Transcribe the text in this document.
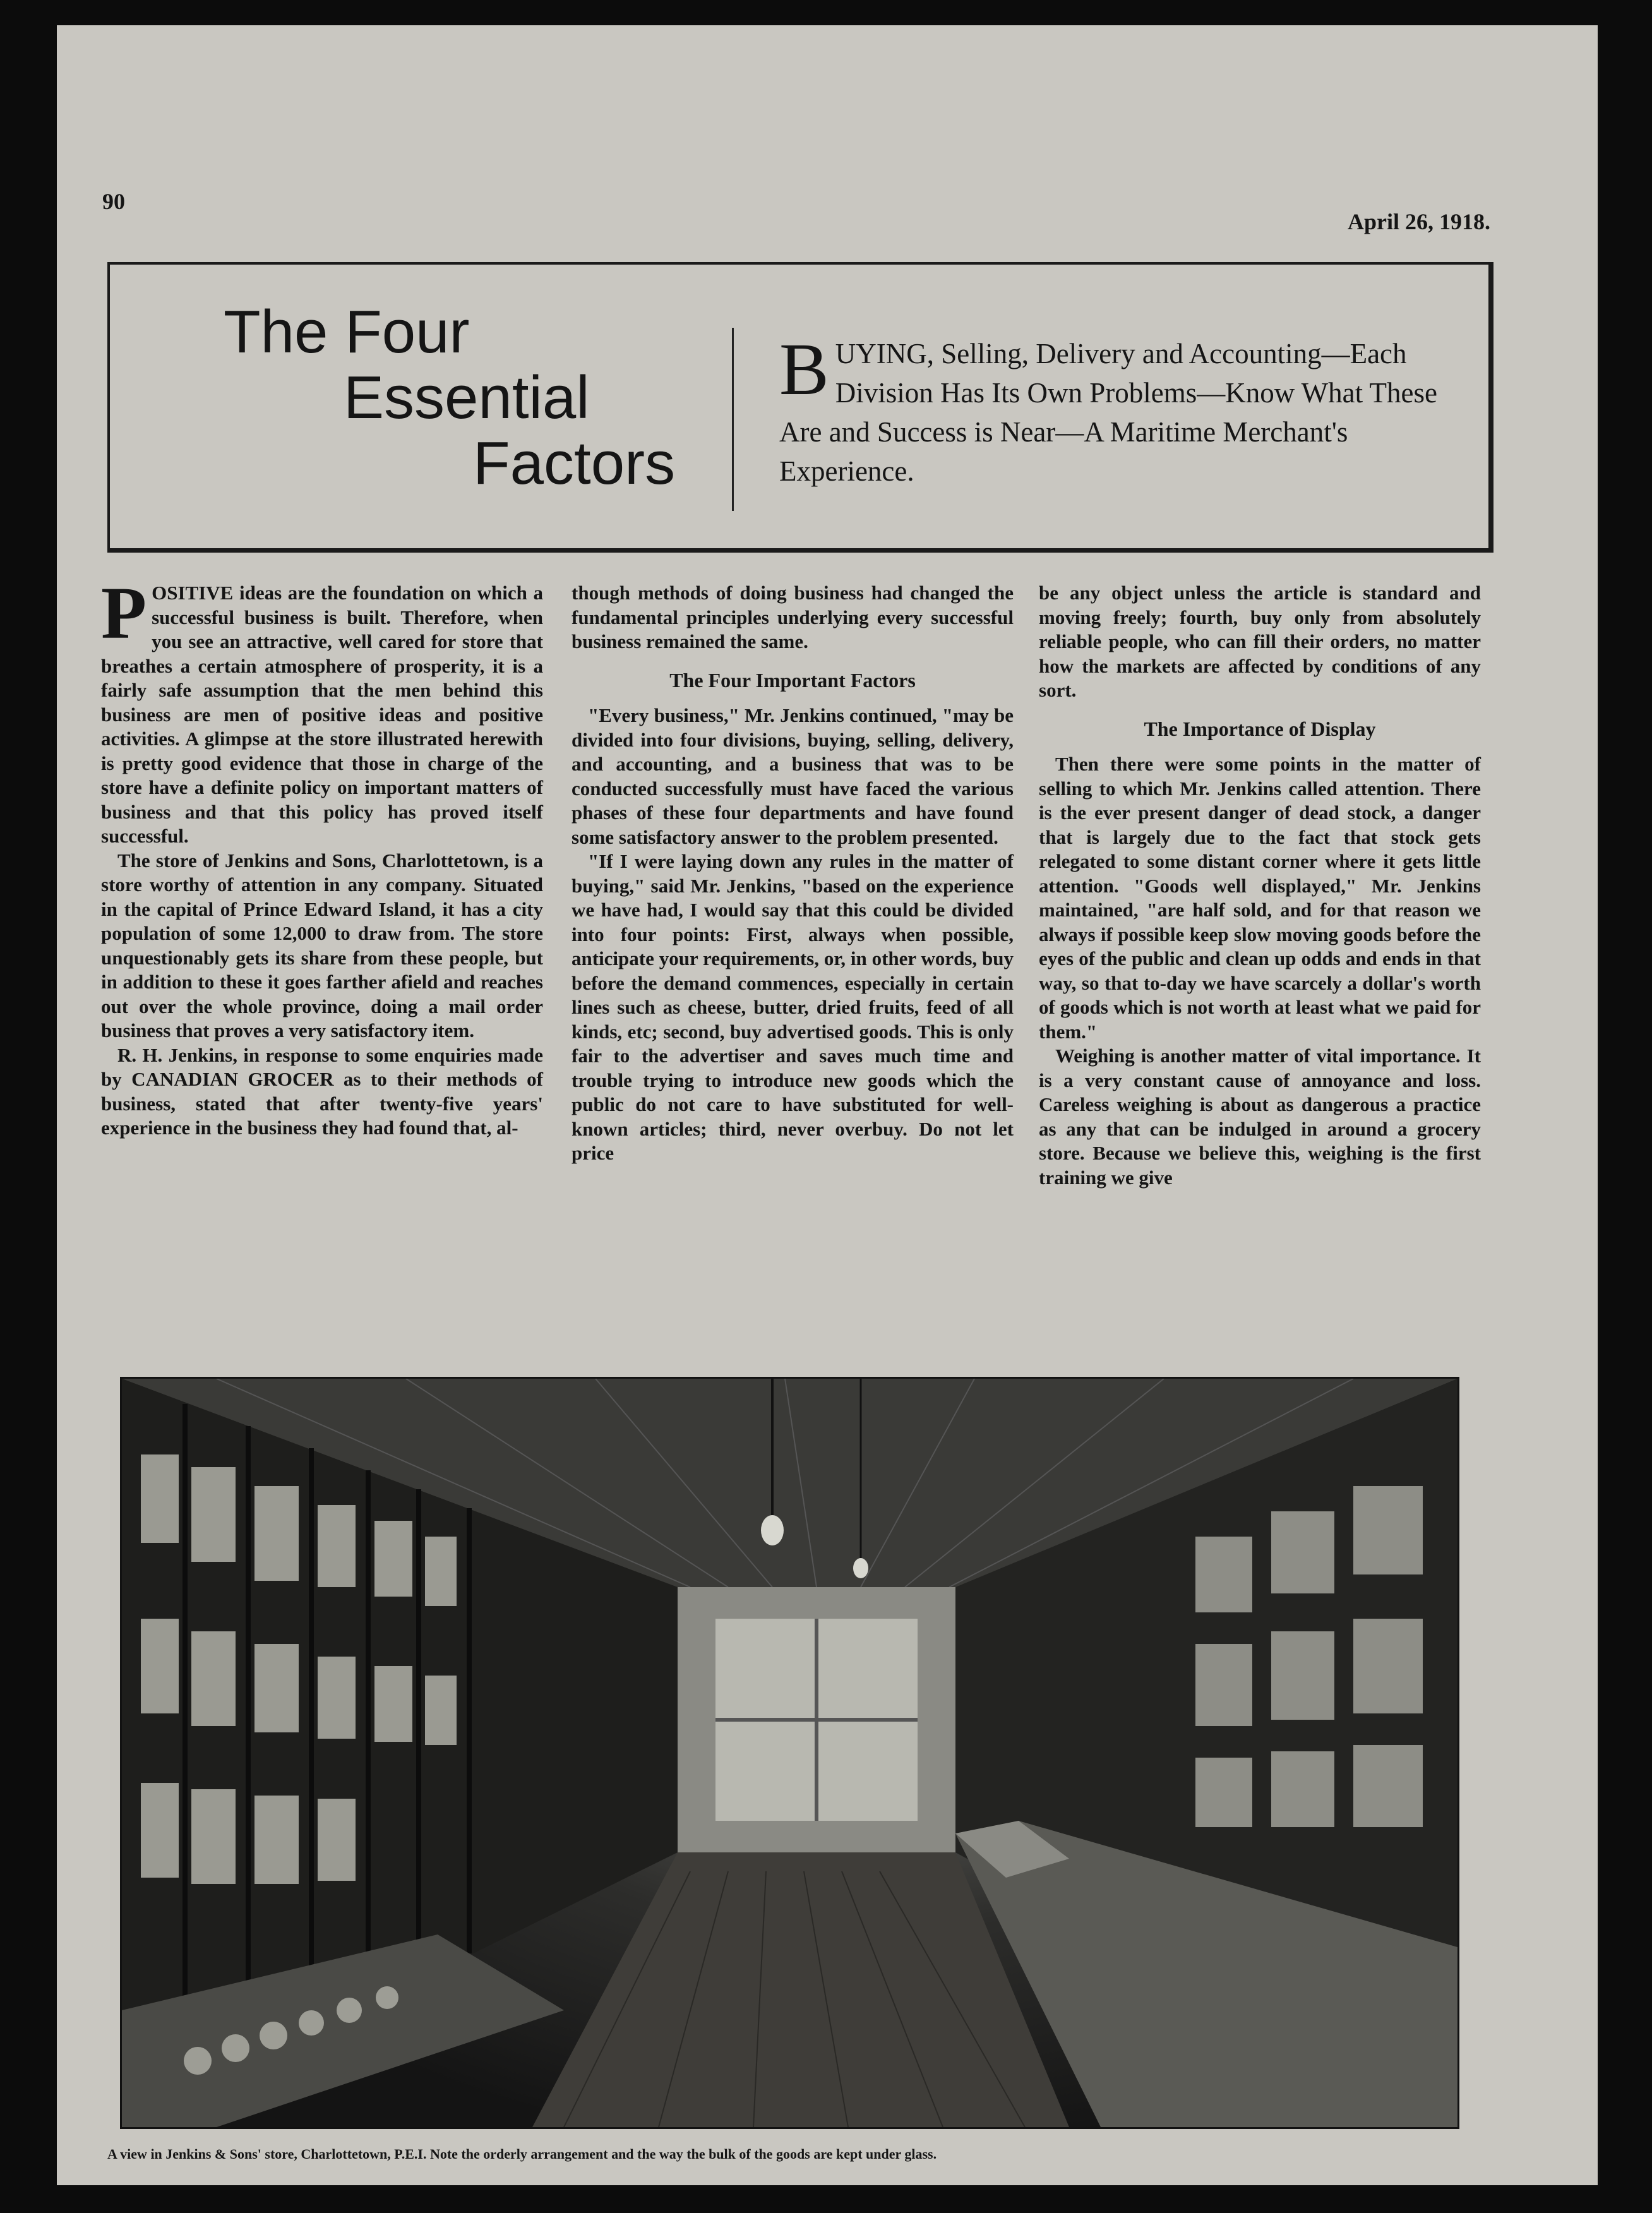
90
April 26, 1918.
The Four
Essential
Factors
BUYING, Selling, Delivery and Accounting—Each Division Has Its Own Problems—Know What These Are and Success is Near—A Maritime Merchant's Experience.

POSITIVE ideas are the foundation on which a successful business is built. Therefore, when you see an attractive, well cared for store that breathes a certain atmosphere of prosperity, it is a fairly safe assumption that the men behind this business are men of positive ideas and positive activities. A glimpse at the store illustrated herewith is pretty good evidence that those in charge of the store have a definite policy on important matters of business and that this policy has proved itself successful.

The store of Jenkins and Sons, Charlottetown, is a store worthy of attention in any company. Situated in the capital of Prince Edward Island, it has a city population of some 12,000 to draw from. The store unquestionably gets its share from these people, but in addition to these it goes farther afield and reaches out over the whole province, doing a mail order business that proves a very satisfactory item.

R. H. Jenkins, in response to some enquiries made by CANADIAN GROCER as to their methods of business, stated that after twenty-five years' experience in the business they had found that, al-

though methods of doing business had changed the fundamental principles underlying every successful business remained the same.

The Four Important Factors

"Every business," Mr. Jenkins continued, "may be divided into four divisions, buying, selling, delivery, and accounting, and a business that was to be conducted successfully must have faced the various phases of these four departments and have found some satisfactory answer to the problem presented.

"If I were laying down any rules in the matter of buying," said Mr. Jenkins, "based on the experience we have had, I would say that this could be divided into four points: First, always when possible, anticipate your requirements, or, in other words, buy before the demand commences, especially in certain lines such as cheese, butter, dried fruits, feed of all kinds, etc; second, buy advertised goods. This is only fair to the advertiser and saves much time and trouble trying to introduce new goods which the public do not care to have substituted for well-known articles; third, never overbuy. Do not let price

be any object unless the article is standard and moving freely; fourth, buy only from absolutely reliable people, who can fill their orders, no matter how the markets are affected by conditions of any sort.

The Importance of Display

Then there were some points in the matter of selling to which Mr. Jenkins called attention. There is the ever present danger of dead stock, a danger that is largely due to the fact that stock gets relegated to some distant corner where it gets little attention. "Goods well displayed," Mr. Jenkins maintained, "are half sold, and for that reason we always if possible keep slow moving goods before the eyes of the public and clean up odds and ends in that way, so that to-day we have scarcely a dollar's worth of goods which is not worth at least what we paid for them."

Weighing is another matter of vital importance. It is a very constant cause of annoyance and loss. Careless weighing is about as dangerous a practice as any that can be indulged in around a grocery store. Because we believe this, weighing is the first training we give

A view in Jenkins & Sons' store, Charlottetown, P.E.I. Note the orderly arrangement and the way the bulk of the goods are kept under glass.
